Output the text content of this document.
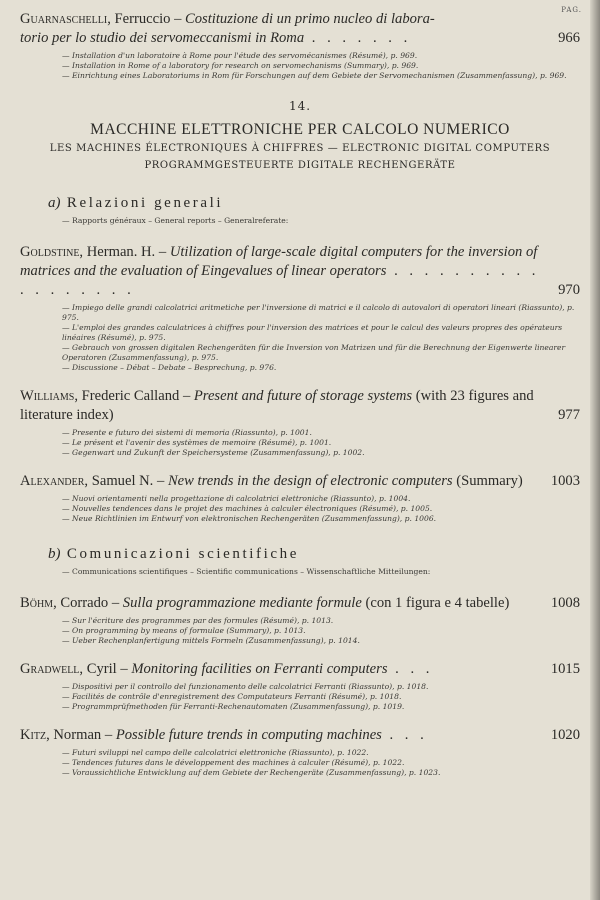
PAG.
Guarnaschelli, Ferruccio – Costituzione di un primo nucleo di labora-
torio per lo studio dei servomeccanismi in Roma . . . . . . .	966
— Installation d'un laboratoire à Rome pour l'étude des servomécanismes (Résumé), p. 969.
— Installation in Rome of a laboratory for research on servomechanisms (Summary), p. 969.
— Einrichtung eines Laboratoriums in Rom für Forschungen auf dem Gebiete der Servomechanismen (Zusammenfassung), p. 969.
14.
MACCHINE ELETTRONICHE PER CALCOLO NUMERICO
LES MACHINES ÉLECTRONIQUES À CHIFFRES — ELECTRONIC DIGITAL COMPUTERS
PROGRAMMGESTEUERTE DIGITALE RECHENGERÄTE
a) Relazioni generali
— Rapports généraux – General reports – Generalreferate:
Goldstine, Herman. H. – Utilization of large-scale digital computers for the inversion of matrices and the evaluation of Eingevalues of linear operators . . . . . . . . . . . . . . . . . .	970
— Impiego delle grandi calcolatrici aritmetiche per l'inversione di matrici e il calcolo di autovalori di operatori lineari (Riassunto), p. 975.
— L'emploi des grandes calculatrices à chiffres pour l'inversion des matrices et pour le calcul des valeurs propres des opérateurs linéaires (Résumé), p. 975.
— Gebrauch von grossen digitalen Rechengeräten für die Inversion von Matrizen und für die Berechnung der Eigenwerte linearer Operatoren (Zusammenfassung), p. 975.
— Discussione – Débat – Debate – Besprechung, p. 976.
Williams, Frederic Calland – Present and future of storage systems (with 23 figures and literature index)	977
— Presente e futuro dei sistemi di memoria (Riassunto), p. 1001.
— Le présent et l'avenir des systèmes de memoire (Résumé), p. 1001.
— Gegenwart und Zukunft der Speichersysteme (Zusammenfassung), p. 1002.
Alexander, Samuel N. – New trends in the design of electronic computers (Summary) 1003
— Nuovi orientamenti nella progettazione di calcolatrici elettroniche (Riassunto), p. 1004.
— Nouvelles tendences dans le projet des machines à calculer électroniques (Résumé), p. 1005.
— Neue Richtlinien im Entwurf von elektronischen Rechengeräten (Zusammenfassung), p. 1006.
b) Comunicazioni scientifiche
— Communications scientifiques – Scientific communications – Wissenschaftliche Mitteilungen:
Böhm, Corrado – Sulla programmazione mediante formule (con 1 figura e 4 tabelle)	1008
— Sur l'écriture des programmes par des formules (Résumé), p. 1013.
— On programming by means of formulae (Summary), p. 1013.
— Ueber Rechenplanfertigung mittels Formeln (Zusammenfassung), p. 1014.
Gradwell, Cyril – Monitoring facilities on Ferranti computers . . .	1015
— Dispositivi per il controllo del funzionamento delle calcolatrici Ferranti (Riassunto), p. 1018.
— Facilités de contrôle d'enregistrement des Computateurs Ferranti (Résumé), p. 1018.
— Programmprüfmethoden für Ferranti-Rechenautomaten (Zusammenfassung), p. 1019.
Kitz, Norman – Possible future trends in computing machines . . .	1020
— Futuri sviluppi nel campo delle calcolatrici elettroniche (Riassunto), p. 1022.
— Tendences futures dans le développement des machines à calculer (Résumé), p. 1022.
— Voraussichtliche Entwicklung auf dem Gebiete der Rechengeräte (Zusammenfassung), p. 1023.
